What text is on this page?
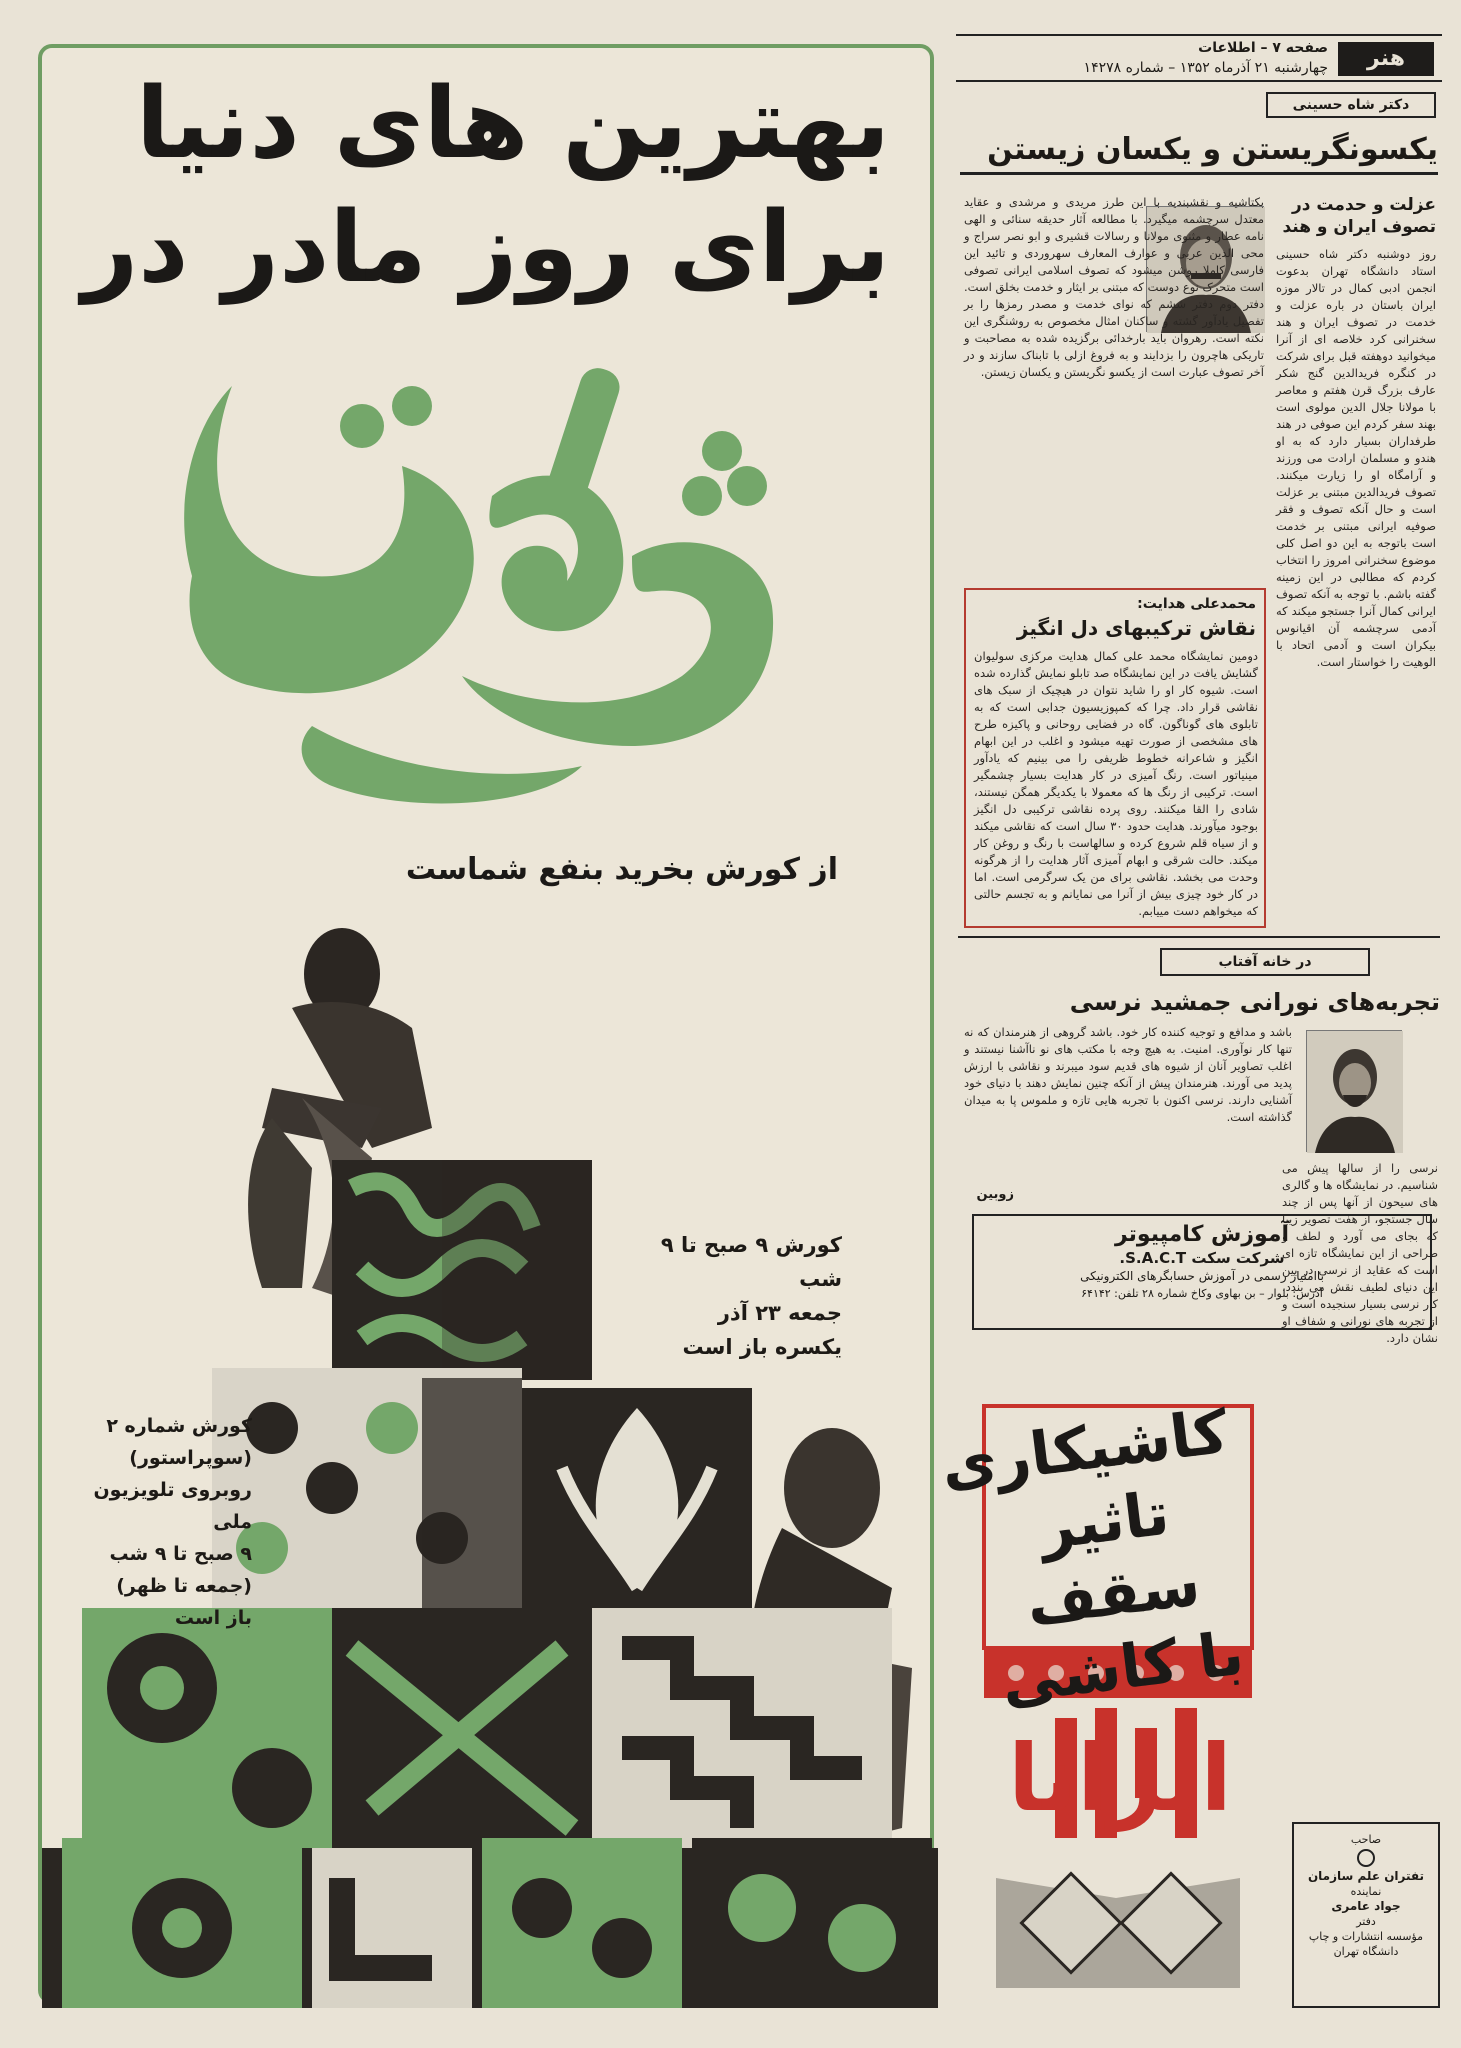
بهترین های دنیا
برای روز مادر در
از کورش بخرید بنفع شماست
کورش ۹ صبح تا ۹ شب
جمعه ۲۳ آذر
یکسره باز است
کورش شماره ۲ (سوپراستور)
روبروی تلویزیون ملی
۹ صبح تا ۹ شب
(جمعه تا ظهر)
باز است
هنر
صفحه ۷ – اطلاعات
چهارشنبه ۲۱ آذرماه ۱۳۵۲ – شماره ۱۴۲۷۸
دکتر شاه حسینی
یکسونگریستن و یکسان زیستن
عزلت و حدمت در
تصوف ایران و هند
روز دوشنبه دکتر شاه حسینی استاد دانشگاه تهران بدعوت انجمن ادبی کمال در تالار موزه ایران باستان در باره عزلت و خدمت در تصوف ایران و هند سخنرانی کرد خلاصه ای از آنرا میخوانید دوهفته قبل برای شرکت در کنگره فریدالدین گنج شکر عارف بزرگ قرن هفتم و معاصر با مولانا جلال الدین مولوی است بهند سفر کردم این صوفی در هند طرفداران بسیار دارد که به او هندو و مسلمان ارادت می ورزند و آرامگاه او را زیارت میکنند. تصوف فریدالدین مبتنی بر عزلت است و حال آنکه تصوف و فقر صوفیه ایرانی مبتنی بر خدمت است باتوجه به این دو اصل کلی موضوع سخنرانی امروز را انتخاب کردم که مطالبی در این زمینه گفته باشم. با توجه به آنکه تصوف ایرانی کمال آنرا جستجو میکند که آدمی سرچشمه آن اقیانوس بیکران است و آدمی اتحاد با الوهیت را خواستار است.
بکتاشیه و نقشبندیه با این طرز مریدی و مرشدی و عقاید معتدل سرچشمه میگیرد. با مطالعه آثار حدیقه سنائی و الهی نامه عطار و مثنوی مولانا و رسالات قشیری و ابو نصر سراج و محی الدین عربی و عوارف المعارف سهروردی و تائید این فارسی کاملا روشن میشود که تصوف اسلامی ایرانی تصوفی است متحرک نوع دوست که مبتنی بر ایثار و خدمت بخلق است. دفتر دوم دفتر ششم که نوای خدمت و مصدر رمزها را بر تفصیل یادآور گشته و ساکنان امثال مخصوص به روشنگری این نکته است. رهروان باید بارخدائی برگزیده شده به مصاحبت و تاریکی هاچرون را بزدایند و به فروغ ازلی با تابناک سازند و در آخر تصوف عبارت است از یکسو نگریستن و یکسان زیستن.
محمدعلی هدایت:
نقاش ترکیبهای دل انگیز
دومین نمایشگاه محمد علی کمال هدایت مرکزی سولیوان گشایش یافت در این نمایشگاه صد تابلو نمایش گذارده شده است. شیوه کار او را شاید نتوان در هیچیک از سبک های نقاشی قرار داد. چرا که کمپوزیسیون جدابی است که به تابلوی های گوناگون. گاه در فضایی روحانی و پاکیزه طرح های مشخصی از صورت تهیه میشود و اغلب در این ابهام انگیز و شاعرانه خطوط ظریفی را می بینیم که یادآور مینیاتور است. رنگ آمیزی در کار هدایت بسیار چشمگیر است. ترکیبی از رنگ ها که معمولا با یکدیگر همگن نیستند، شادی را القا میکنند. روی پرده نقاشی ترکیبی دل انگیز بوجود میآورند. هدایت حدود ۳۰ سال است که نقاشی میکند و از سیاه قلم شروع کرده و سالهاست با رنگ و روغن کار میکند. حالت شرقی و ابهام آمیزی آثار هدایت را از هرگونه وحدت می بخشد. نقاشی برای من یک سرگرمی است. اما در کار خود چیزی بیش از آنرا می نمایانم و به تجسم حالتی که میخواهم دست مییابم.
در خانه آفتاب
تجربه‌های نورانی جمشید نرسی
نرسی را از سالها پیش می شناسیم. در نمایشگاه ها و گالری های سیحون از آنها پس از چند سال جستجو، از هفت تصویر زیبا که بجای می آورد و لطف و طراحی از این نمایشگاه تازه ای است که عقاید از نرسی در بین این دنیای لطیف نقش می بندد. کار نرسی بسیار سنجیده است و از تجربه های نورانی و شفاف او نشان دارد.
باشد و مدافع و توجیه کننده کار خود. باشد گروهی از هنرمندان که نه تنها کار نوآوری. امنیت. به هیچ وجه با مکتب های نو ناآشنا نیستند و اغلب تصاویر آنان از شیوه های قدیم سود میبرند و نقاشی با ارزش پدید می آورند. هنرمندان پیش از آنکه چنین نمایش دهند با دنیای خود آشنایی دارند. نرسی اکنون با تجربه هایی تازه و ملموس پا به میدان گذاشته است.
زوبین
آموزش کامپیوتر
شرکت سکت S.A.C.T.
باامتیاز رسمی در آموزش حسابگرهای الکترونیکی
آدرس: بلوار – بن بهاوی وکاخ شماره ۲۸ تلفن: ۶۴۱۴۲
کاشیکاری
تاثیر سقف
با کاشی
ایرانا
صاحب
تفتران علم سازمان
نماینده
جواد عامری
دفتر
مؤسسه انتشارات و چاپ دانشگاه تهران
